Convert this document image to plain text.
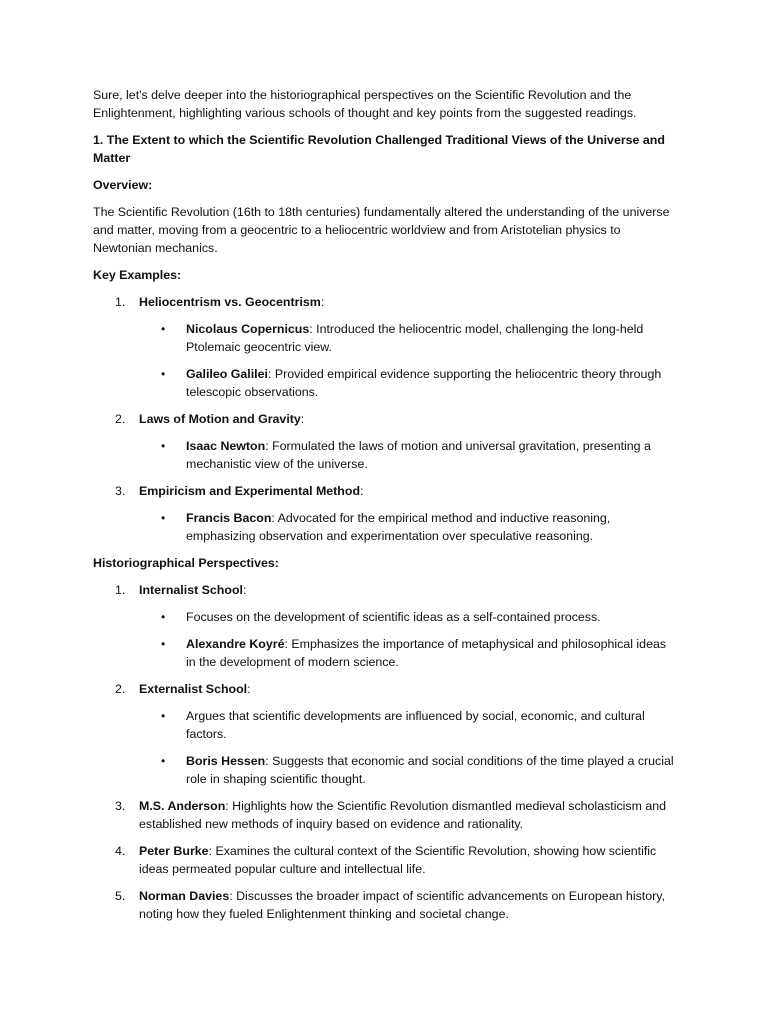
Sure, let's delve deeper into the historiographical perspectives on the Scientific Revolution and the Enlightenment, highlighting various schools of thought and key points from the suggested readings.

1. The Extent to which the Scientific Revolution Challenged Traditional Views of the Universe and Matter

Overview:

The Scientific Revolution (16th to 18th centuries) fundamentally altered the understanding of the universe and matter, moving from a geocentric to a heliocentric worldview and from Aristotelian physics to Newtonian mechanics.

Key Examples:

1. Heliocentrism vs. Geocentrism:
• Nicolaus Copernicus: Introduced the heliocentric model, challenging the long-held Ptolemaic geocentric view.
• Galileo Galilei: Provided empirical evidence supporting the heliocentric theory through telescopic observations.
2. Laws of Motion and Gravity:
• Isaac Newton: Formulated the laws of motion and universal gravitation, presenting a mechanistic view of the universe.
3. Empiricism and Experimental Method:
• Francis Bacon: Advocated for the empirical method and inductive reasoning, emphasizing observation and experimentation over speculative reasoning.

Historiographical Perspectives:

1. Internalist School:
• Focuses on the development of scientific ideas as a self-contained process.
• Alexandre Koyré: Emphasizes the importance of metaphysical and philosophical ideas in the development of modern science.
2. Externalist School:
• Argues that scientific developments are influenced by social, economic, and cultural factors.
• Boris Hessen: Suggests that economic and social conditions of the time played a crucial role in shaping scientific thought.
3. M.S. Anderson: Highlights how the Scientific Revolution dismantled medieval scholasticism and established new methods of inquiry based on evidence and rationality.
4. Peter Burke: Examines the cultural context of the Scientific Revolution, showing how scientific ideas permeated popular culture and intellectual life.
5. Norman Davies: Discusses the broader impact of scientific advancements on European history, noting how they fueled Enlightenment thinking and societal change.
